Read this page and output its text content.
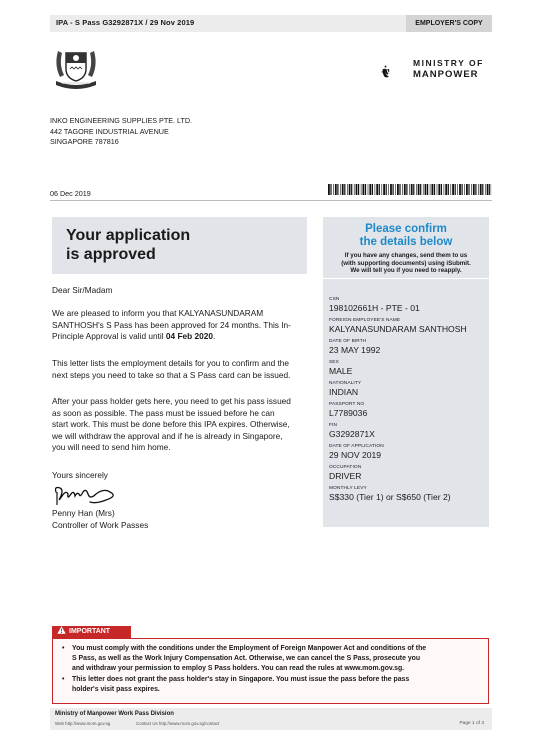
IPA - S Pass G3292871X / 29 Nov 2019	EMPLOYER'S COPY
MINISTRY OF
MANPOWER
INKO ENGINEERING SUPPLIES PTE. LTD.
442 TAGORE INDUSTRIAL AVENUE
SINGAPORE 787816
06 Dec 2019
Your application
is approved
Please confirm
the details below
If you have any changes, send them to us
(with supporting documents) using iSubmit.
We will tell you if you need to reapply.
CSN
198102661H - PTE - 01
FOREIGN EMPLOYEE'S NAME
KALYANASUNDARAM SANTHOSH
DATE OF BIRTH
23 MAY 1992
SEX
MALE
NATIONALITY
INDIAN
PASSPORT NO
L7789036
FIN
G3292871X
DATE OF APPLICATION
29 NOV 2019
OCCUPATION
DRIVER
MONTHLY LEVY
S$330 (Tier 1) or S$650 (Tier 2)
Dear Sir/Madam
We are pleased to inform you that KALYANASUNDARAM
SANTHOSH's S Pass has been approved for 24 months. This In-
Principle Approval is valid until 04 Feb 2020.
This letter lists the employment details for you to confirm and the
next steps you need to take so that a S Pass card can be issued.
After your pass holder gets here, you need to get his pass issued
as soon as possible. The pass must be issued before he can
start work. This must be done before this IPA expires. Otherwise,
we will withdraw the approval and if he is already in Singapore,
you will need to send him home.
Yours sincerely
Penny Han (Mrs)
Controller of Work Passes
IMPORTANT
• You must comply with the conditions under the Employment of Foreign Manpower Act and conditions of the
S Pass, as well as the Work Injury Compensation Act. Otherwise, we can cancel the S Pass, prosecute you
and withdraw your permission to employ S Pass holders. You can read the rules at www.mom.gov.sg.
• This letter does not grant the pass holder's stay in Singapore. You must issue the pass before the pass
holder's visit pass expires.
Ministry of Manpower Work Pass Division
Web http://www.mom.gov.sg	Contact Us http://www.mom.gov.sg/contact	Page 1 of 3
